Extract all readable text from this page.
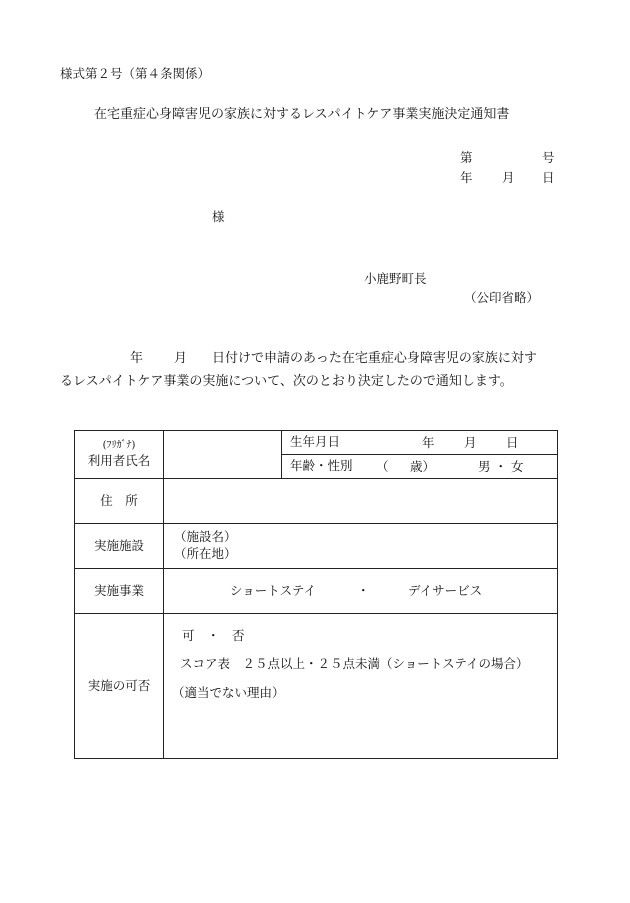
様式第２号（第４条関係）
在宅重症心身障害児の家族に対するレスパイトケア事業実施決定通知書
第	号
年 月 日
様
小鹿野町長
（公印省略）
年 月 日付けで申請のあった在宅重症心身障害児の家族に対す
るレスパイトケア事業の実施について、次のとおり決定したので通知します。
(ﾌﾘｶﾞﾅ)
利用者氏名		生年月日 年 月 日

		年齢・性別 （ 歳） 男 ・ 女

住　所		
実施施設	（施設名）
（所在地）	

実施事業	ショートステイ ・ デイサービス	

実施の可否	可　・　否
スコア表　２５点以上・２５点未満（ショートステイの場合）
（適当でない理由）	
